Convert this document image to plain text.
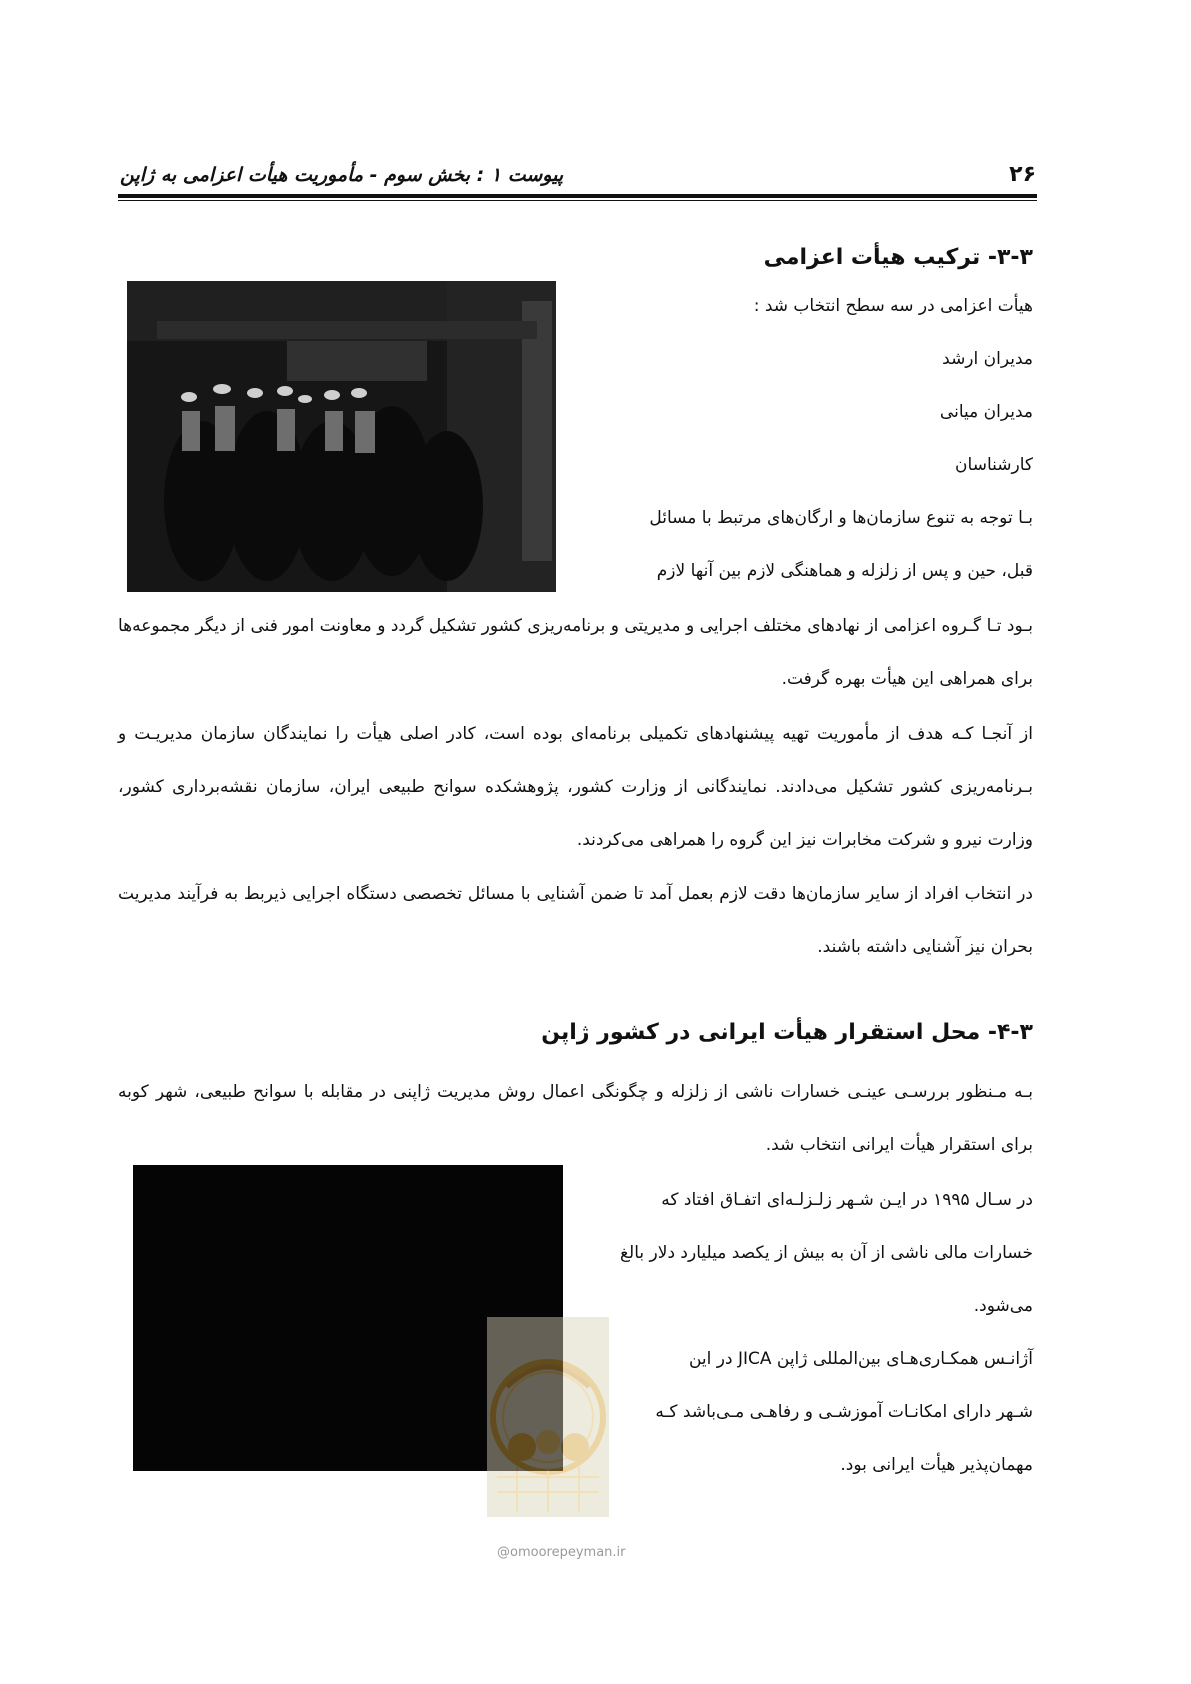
۲۶
پیوست ۱ : بخش سوم - مأموریت هیأت اعزامی به ژاپن
۳-۳- ترکیب هیأت اعزامی

هیأت اعزامی در سه سطح انتخاب شد :

مدیران ارشد

مدیران میانی

کارشناسان

بـا توجه به تنوع سازمان‌ها و ارگان‌های مرتبط با مسائل

قبل، حین و پس از زلزله و هماهنگی لازم بین آنها لازم

بـود تـا گـروه اعزامی از نهادهای مختلف اجرایی و مدیریتی و برنامه‌ریزی کشور تشکیل گردد و معاونت امور فنی از دیگر مجموعه‌ها برای همراهی این هیأت بهره گرفت.

از آنجـا کـه هدف از مأموریت تهیه پیشنهادهای تکمیلی برنامه‌ای بوده است، کادر اصلی هیأت را نمایندگان سازمان مدیریـت و بـرنامه‌ریزی کشور تشکیل می‌دادند. نمایندگانی از وزارت کشور، پژوهشکده سوانح طبیعی ایران، سازمان نقشه‌برداری کشور، وزارت نیرو و شرکت مخابرات نیز این گروه را همراهی می‌کردند.

در انتخاب افراد از سایر سازمان‌ها دقت لازم بعمل آمد تا ضمن آشنایی با مسائل تخصصی دستگاه اجرایی ذیربط به فرآیند مدیریت بحران نیز آشنایی داشته باشند.

۴-۳- محل استقرار هیأت ایرانی در کشور ژاپن

بـه مـنظور بررسـی عینـی خسارات ناشی از زلزله و چگونگی اعمال روش مدیریت ژاپنی در مقابله با سوانح طبیعی، شهر کوبه برای استقرار هیأت ایرانی انتخاب شد.

در سـال ۱۹۹۵ در ایـن شـهر زلـزلـه‌ای اتفـاق افتاد که

خسارات مالی ناشی از آن به بیش از یکصد میلیارد دلار بالغ

می‌شود.

آژانـس همکـاری‌هـای بین‌المللی ژاپن JICA در این

شـهر دارای امکانـات آموزشـی و رفاهـی مـی‌باشد کـه

مهمان‌پذیر هیأت ایرانی بود.

@omoorepeyman.ir
